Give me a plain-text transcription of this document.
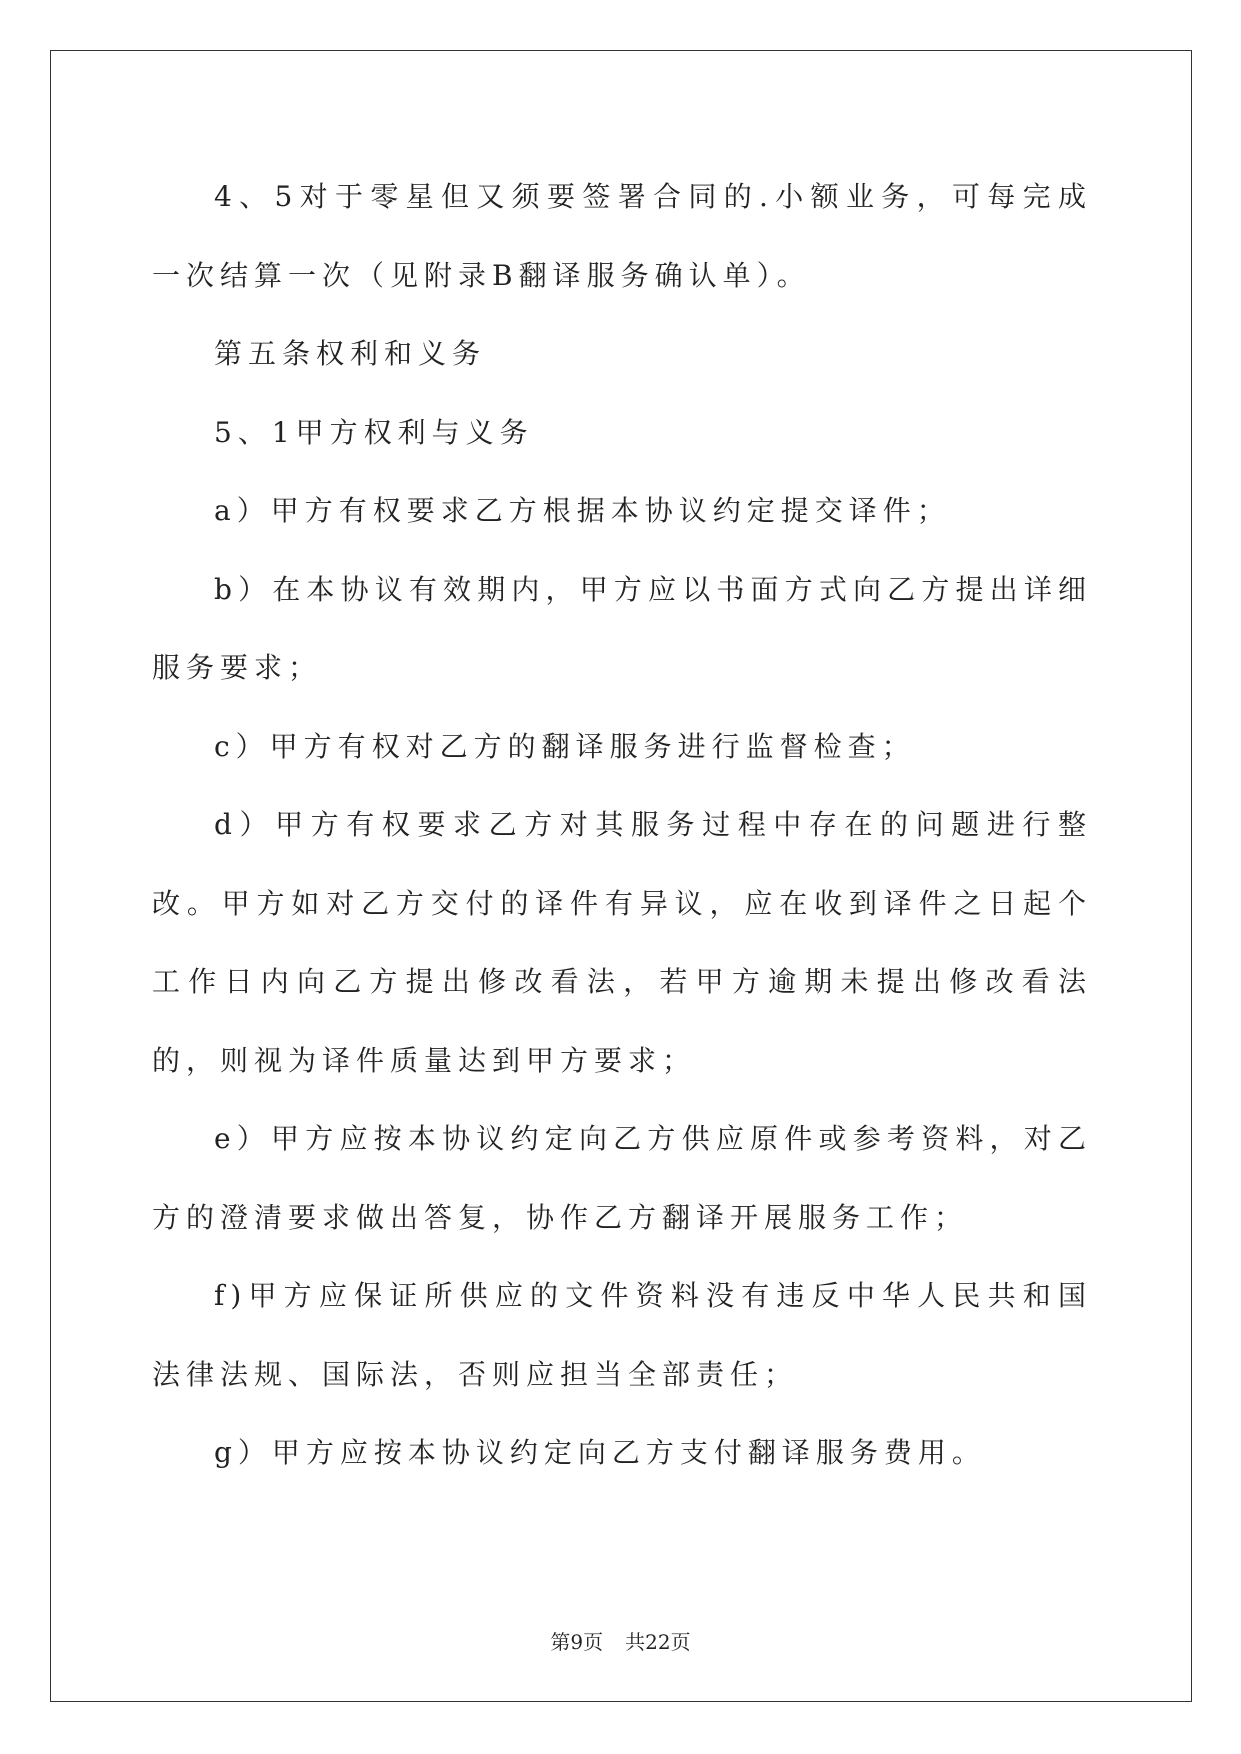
4、5对于零星但又须要签署合同的.小额业务，可每完成一次结算一次（见附录B翻译服务确认单）。

第五条权利和义务

5、1甲方权利与义务

a）甲方有权要求乙方根据本协议约定提交译件；

b）在本协议有效期内，甲方应以书面方式向乙方提出详细服务要求；

c）甲方有权对乙方的翻译服务进行监督检查；

d）甲方有权要求乙方对其服务过程中存在的问题进行整改。甲方如对乙方交付的译件有异议，应在收到译件之日起个工作日内向乙方提出修改看法，若甲方逾期未提出修改看法的，则视为译件质量达到甲方要求；

e）甲方应按本协议约定向乙方供应原件或参考资料，对乙方的澄清要求做出答复，协作乙方翻译开展服务工作；

f)甲方应保证所供应的文件资料没有违反中华人民共和国法律法规、国际法，否则应担当全部责任；

g）甲方应按本协议约定向乙方支付翻译服务费用。

第9页 共22页
